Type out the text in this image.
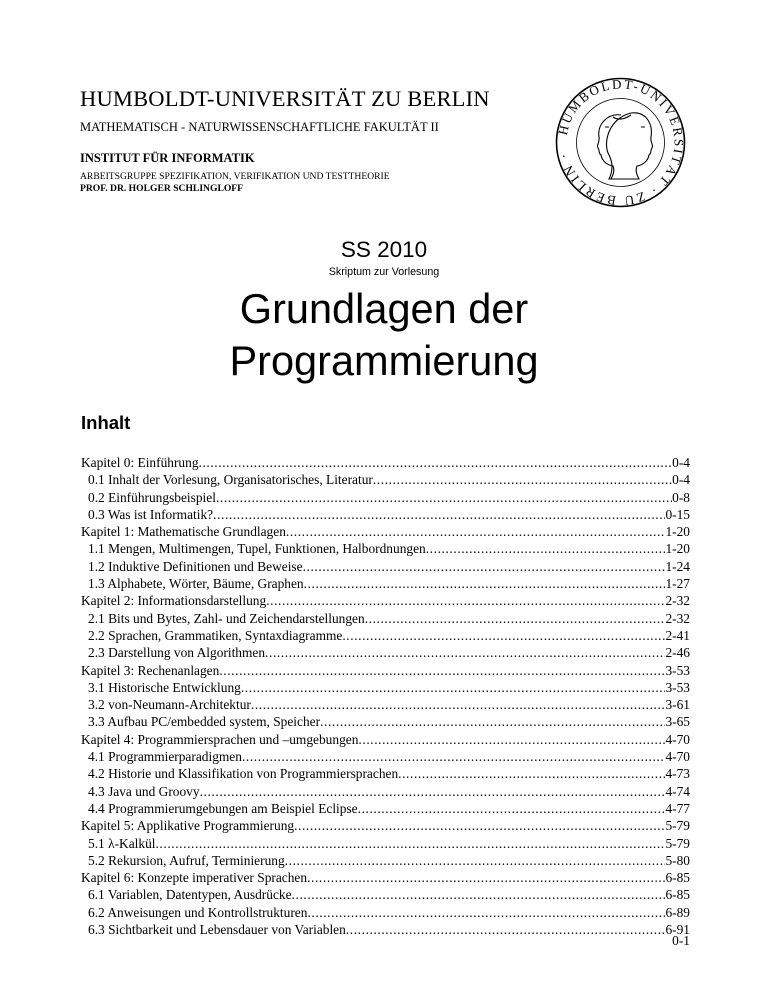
HUMBOLDT-UNIVERSITÄT ZU BERLIN
MATHEMATISCH - NATURWISSENSCHAFTLICHE FAKULTÄT II
INSTITUT FÜR INFORMATIK
ARBEITSGRUPPE SPEZIFIKATION, VERIFIKATION UND TESTTHEORIE
PROF. DR. HOLGER SCHLINGLOFF
HUMBOLDT-UNIVERSITÄT · ZU BERLIN ·
SS 2010
Skriptum zur Vorlesung
Grundlagen der
Programmierung
Inhalt
Kapitel 0: Einführung .....	0-4
0.1 Inhalt der Vorlesung, Organisatorisches, Literatur .....	0-4
0.2 Einführungsbeispiel .....	0-8
0.3 Was ist Informatik? .....	0-15
Kapitel 1: Mathematische Grundlagen .....	1-20
1.1 Mengen, Multimengen, Tupel, Funktionen, Halbordnungen .....	1-20
1.2 Induktive Definitionen und Beweise .....	1-24
1.3 Alphabete, Wörter, Bäume, Graphen .....	1-27
Kapitel 2: Informationsdarstellung .....	2-32
2.1 Bits und Bytes, Zahl- und Zeichendarstellungen .....	2-32
2.2 Sprachen, Grammatiken, Syntaxdiagramme .....	2-41
2.3 Darstellung von Algorithmen .....	2-46
Kapitel 3: Rechenanlagen .....	3-53
3.1 Historische Entwicklung .....	3-53
3.2 von-Neumann-Architektur .....	3-61
3.3 Aufbau PC/embedded system, Speicher .....	3-65
Kapitel 4: Programmiersprachen und –umgebungen .....	4-70
4.1 Programmierparadigmen .....	4-70
4.2 Historie und Klassifikation von Programmiersprachen .....	4-73
4.3 Java und Groovy .....	4-74
4.4 Programmierumgebungen am Beispiel Eclipse .....	4-77
Kapitel 5: Applikative Programmierung .....	5-79
5.1 λ-Kalkül .....	5-79
5.2 Rekursion, Aufruf, Terminierung .....	5-80
Kapitel 6: Konzepte imperativer Sprachen .....	6-85
6.1 Variablen, Datentypen, Ausdrücke .....	6-85
6.2 Anweisungen und Kontrollstrukturen .....	6-89
6.3 Sichtbarkeit und Lebensdauer von Variablen .....	6-91
0-1
